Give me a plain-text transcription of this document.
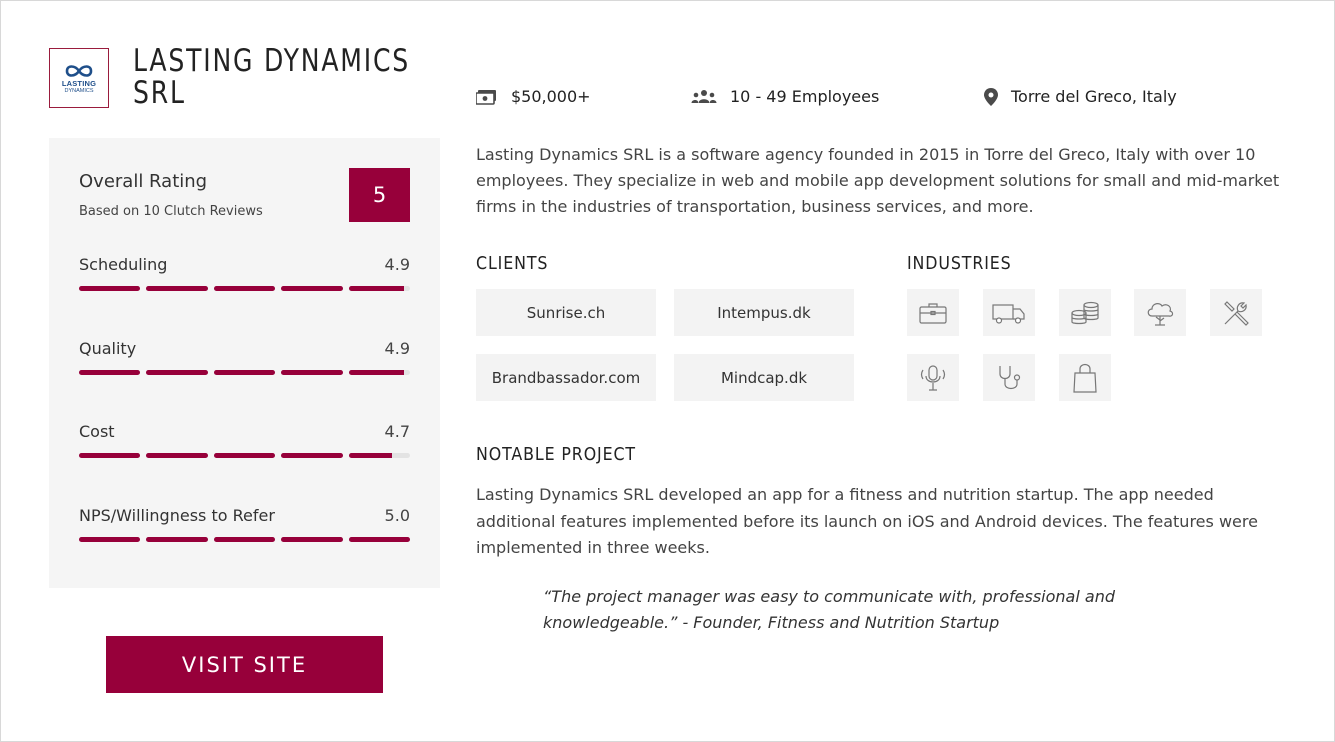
LASTING
DYNAMICS
LASTING DYNAMICS SRL
Overall Rating
Based on 10 Clutch Reviews
5
Scheduling	4.9
Quality	4.9
Cost	4.7
NPS/Willingness to Refer	5.0
VISIT SITE
$50,000+	10 - 49 Employees	Torre del Greco, Italy
Lasting Dynamics SRL is a software agency founded in 2015 in Torre del Greco, Italy with over 10 employees. They specialize in web and mobile app development solutions for small and mid-market firms in the industries of transportation, business services, and more.
CLIENTS
Sunrise.ch	Intempus.dk
Brandbassador.com	Mindcap.dk
INDUSTRIES
NOTABLE PROJECT
Lasting Dynamics SRL developed an app for a fitness and nutrition startup. The app needed additional features implemented before its launch on iOS and Android devices. The features were implemented in three weeks.
“The project manager was easy to communicate with, professional and knowledgeable.” - Founder, Fitness and Nutrition Startup
